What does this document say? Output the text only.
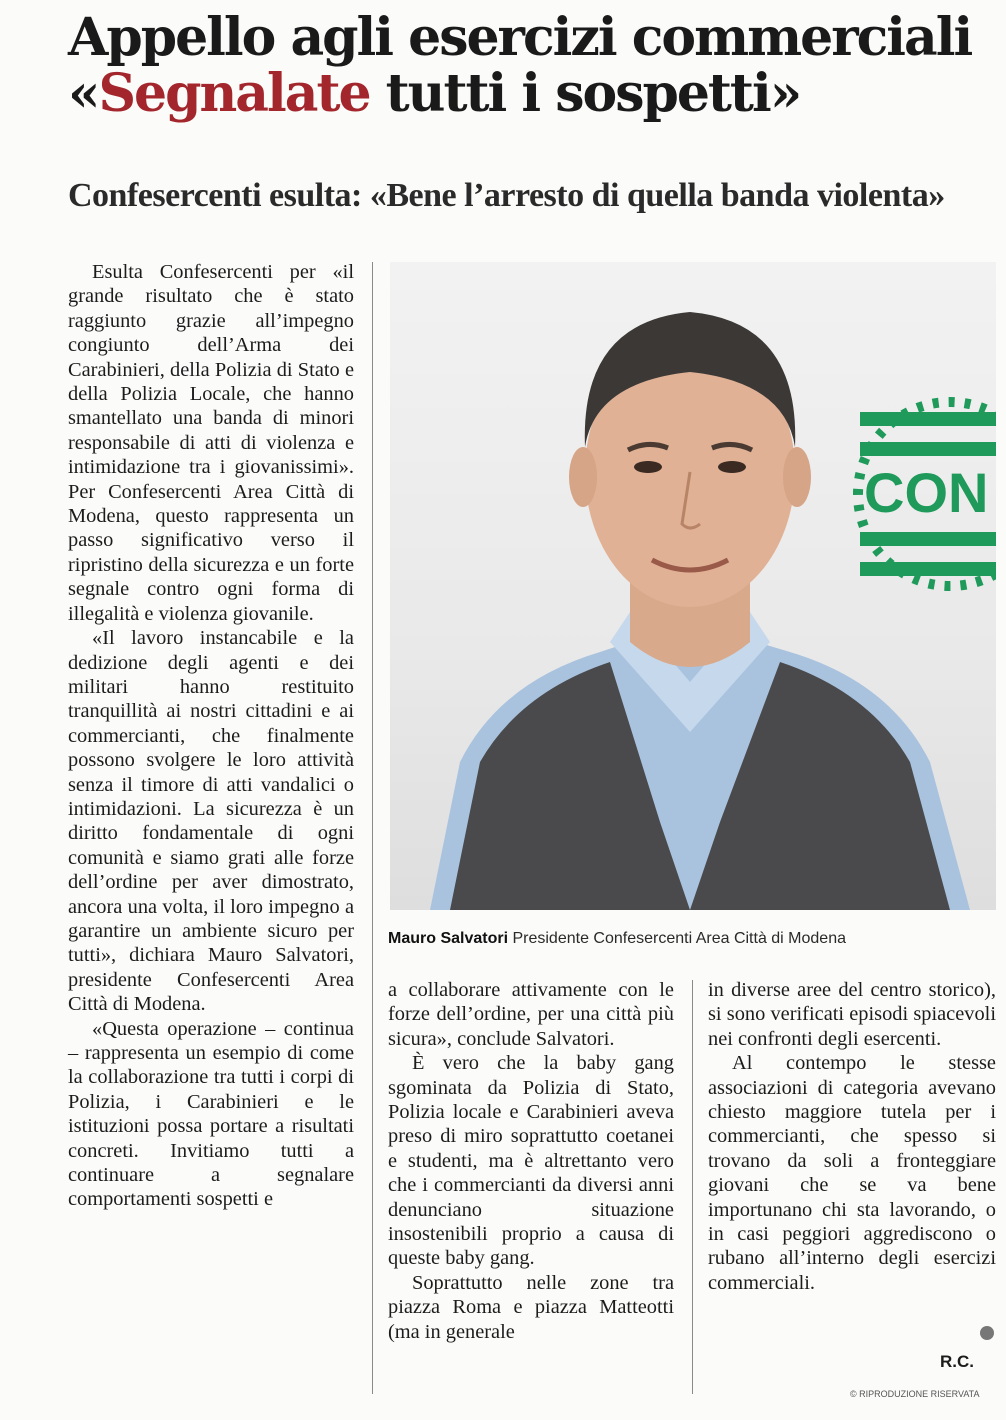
Appello agli esercizi commerciali
«Segnalate tutti i sospetti»
Confesercenti esulta: «Bene l’arresto di quella banda violenta»

Esulta Confesercenti per «il grande risultato che è stato raggiunto grazie all’impegno congiunto dell’Arma dei Carabinieri, della Polizia di Stato e della Polizia Locale, che hanno smantellato una banda di minori responsabile di atti di violenza e intimidazione tra i giovanissimi». Per Confesercenti Area Città di Modena, questo rappresenta un passo significativo verso il ripristino della sicurezza e un forte segnale contro ogni forma di illegalità e violenza giovanile.

«Il lavoro instancabile e la dedizione degli agenti e dei militari hanno restituito tranquillità ai nostri cittadini e ai commercianti, che finalmente possono svolgere le loro attività senza il timore di atti vandalici o intimidazioni. La sicurezza è un diritto fondamentale di ogni comunità e siamo grati alle forze dell’ordine per aver dimostrato, ancora una volta, il loro impegno a garantire un ambiente sicuro per tutti», dichiara Mauro Salvatori, presidente Confesercenti Area Città di Modena.

«Questa operazione – continua – rappresenta un esempio di come la collaborazione tra tutti i corpi di Polizia, i Carabinieri e le istituzioni possa portare a risultati concreti. Invitiamo tutti a continuare a segnalare comportamenti sospetti e

CON
Mauro Salvatori Presidente Confesercenti Area Città di Modena

a collaborare attivamente con le forze dell’ordine, per una città più sicura», conclude Salvatori.

È vero che la baby gang sgominata da Polizia di Stato, Polizia locale e Carabinieri aveva preso di miro soprattutto coetanei e studenti, ma è altrettanto vero che i commercianti da diversi anni denunciano situazione insostenibili proprio a causa di queste baby gang.

Soprattutto nelle zone tra piazza Roma e piazza Matteotti (ma in generale

in diverse aree del centro storico), si sono verificati episodi spiacevoli nei confronti degli esercenti.

Al contempo le stesse associazioni di categoria avevano chiesto maggiore tutela per i commercianti, che spesso si trovano da soli a fronteggiare giovani che se va bene importunano chi sta lavorando, o in casi peggiori aggrediscono o rubano all’interno degli esercizi commerciali.

R.C.
© RIPRODUZIONE RISERVATA
